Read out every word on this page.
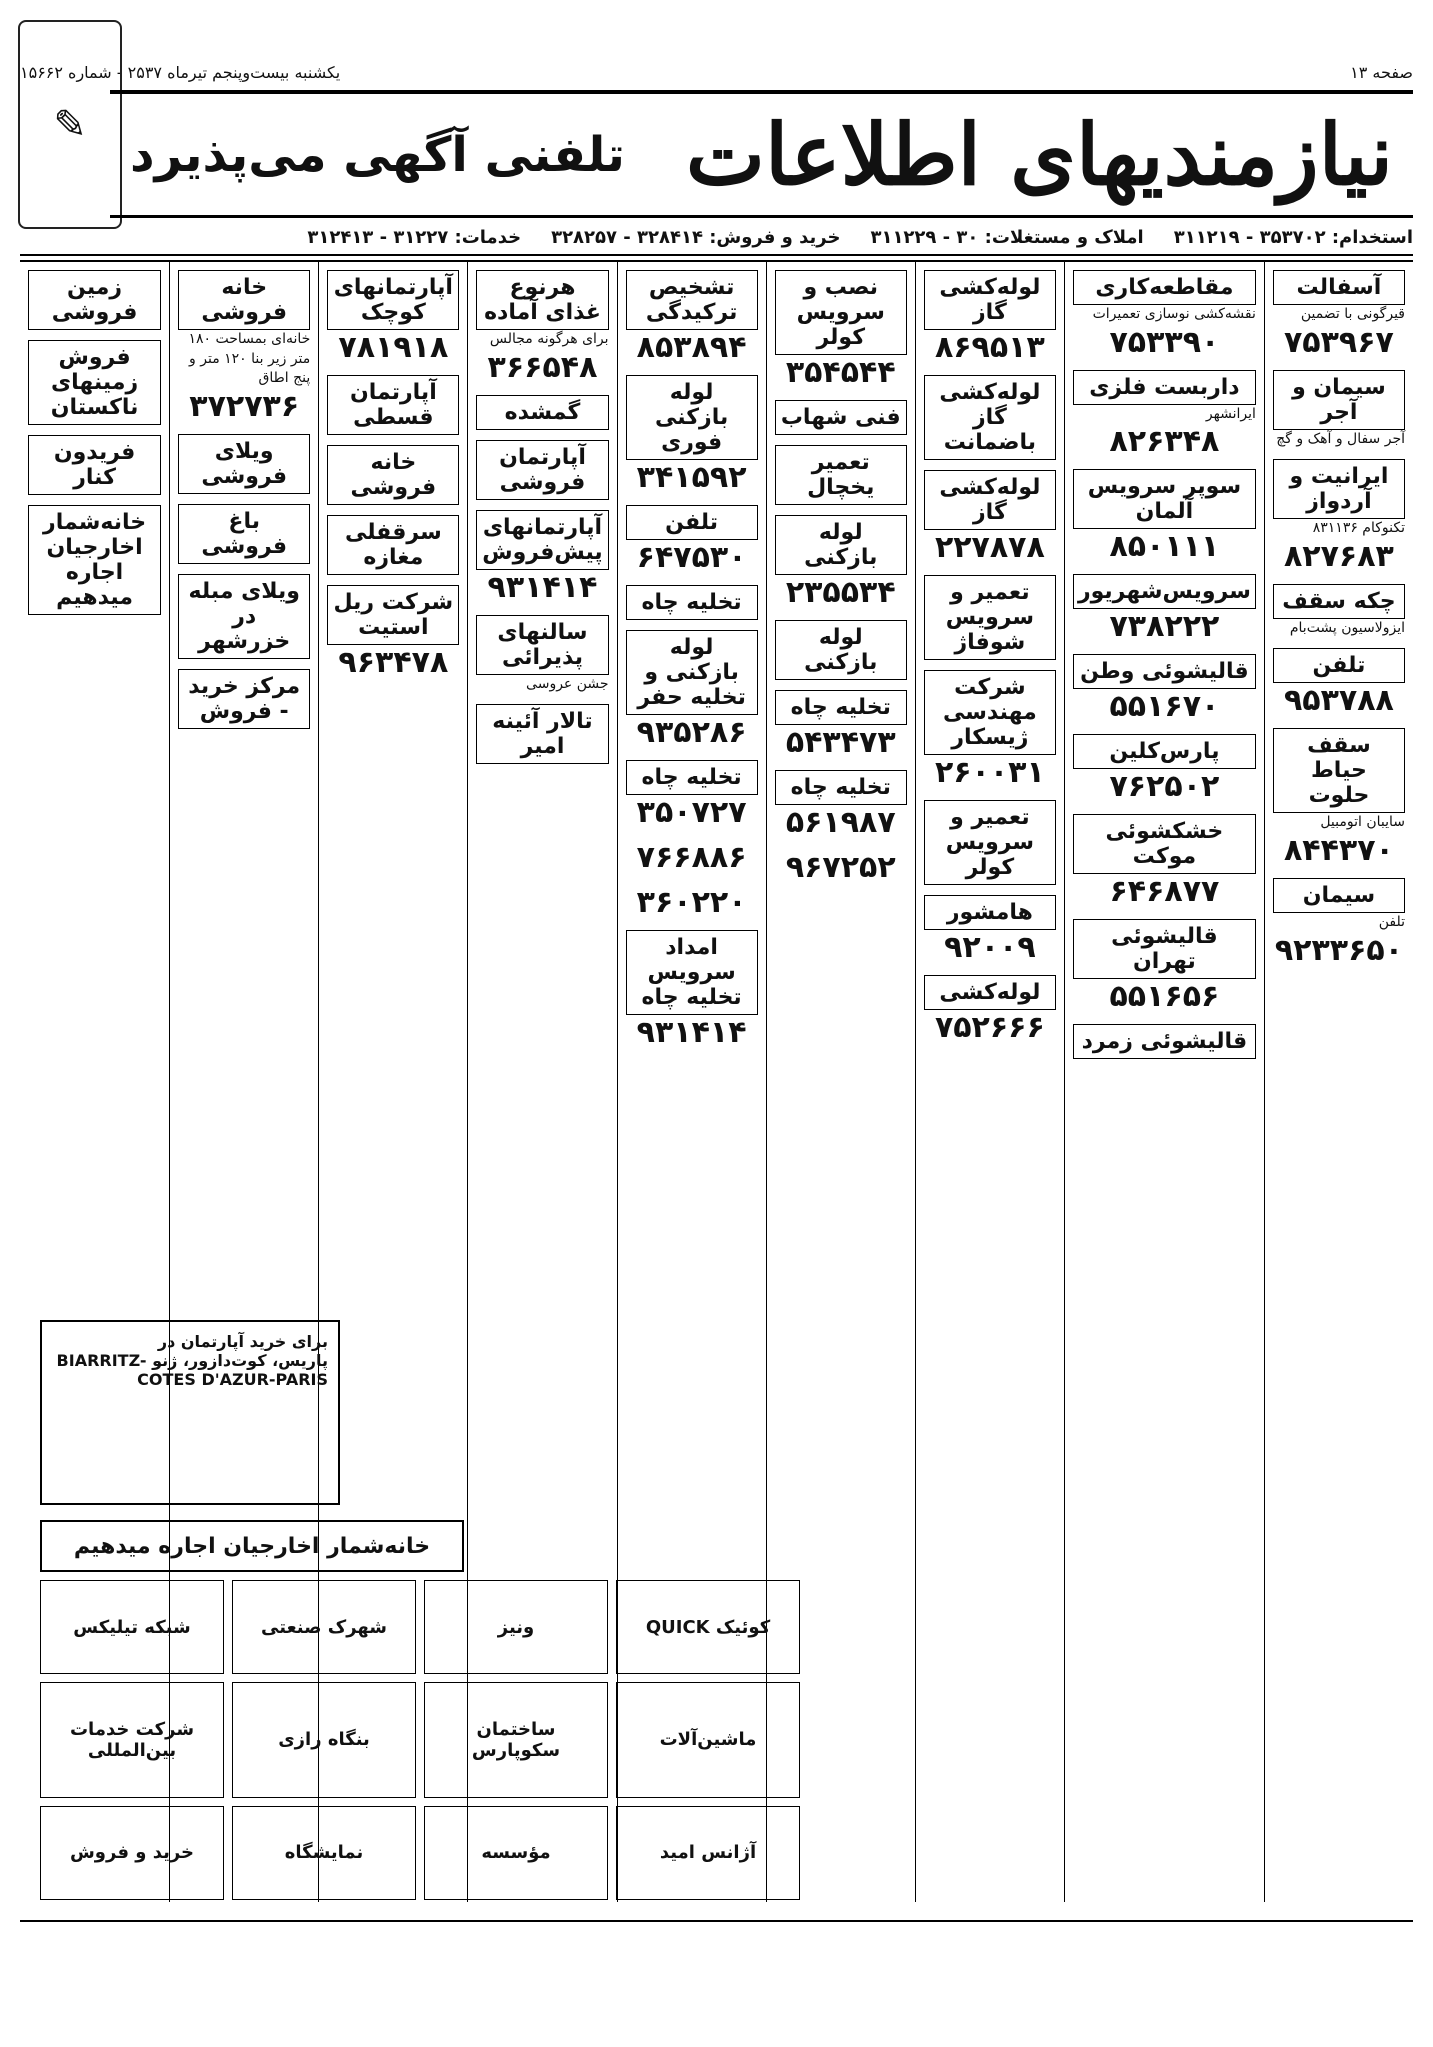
صفحه ۱۳
یکشنبه بیست‌وپنجم تیرماه ۲۵۳۷ - شماره ۱۵۶۶۲
✎	نیازمندیهای اطلاعات
تلفنی آگهی می‌پذیرد
استخدام: ۳۵۳۷۰۲ - ۳۱۱۲۱۹
املاک و مستغلات: ۳۰ - ۳۱۱۲۲۹
خرید و فروش: ۳۲۸۴۱۴ - ۳۲۸۲۵۷
خدمات: ۳۱۲۲۷ - ۳۱۲۴۱۳
آسفالت
قیرگونی با تضمین
۷۵۳۹۶۷
سیمان و آجر
آجر سفال و آهک و گچ
ایرانیت و آردواز
تکنوکام ۸۳۱۱۳۶
۸۲۷۶۸۳
چکه سقف
ایزولاسیون پشت‌بام
تلفن
۹۵۳۷۸۸
سقف حیاط حلوت
سایبان اتومبیل
۸۴۴۳۷۰
سیمان
تلفن
۹۲۳۳۶۵۰
مقاطعه‌کاری
نقشه‌کشی نوسازی تعمیرات
۷۵۳۳۹۰
داربست فلزی
ایرانشهر
۸۲۶۳۴۸
سوپر سرویس آلمان
۸۵۰۱۱۱
سرویس‌شهریور
۷۳۸۲۲۲
قالیشوئی وطن
۵۵۱۶۷۰
پارس‌کلین
۷۶۲۵۰۲
خشکشوئی موکت
۶۴۶۸۷۷
قالیشوئی تهران
۵۵۱۶۵۶
قالیشوئی زمرد
لوله‌کشی گاز
۸۶۹۵۱۳
لوله‌کشی گاز باضمانت
لوله‌کشی گاز
۲۲۷۸۷۸
تعمیر و سرویس شوفاژ
شرکت مهندسی ژیسکار
۲۶۰۰۳۱
تعمیر و سرویس کولر
هامشور
۹۲۰۰۹
لوله‌کشی
۷۵۲۶۶۶
نصب و سرویس کولر
۳۵۴۵۴۴
فنی شهاب
تعمیر یخچال
لوله بازکنی
۲۳۵۵۳۴
لوله بازکنی
تخلیه چاه
۵۴۳۴۷۳
تخلیه چاه
۵۶۱۹۸۷
۹۶۷۲۵۲
تشخیص ترکیدگی
۸۵۳۸۹۴
لوله بازکنی فوری
۳۴۱۵۹۲
تلفن
۶۴۷۵۳۰
تخلیه چاه
لوله بازکنی و تخلیه حفر
۹۳۵۲۸۶
تخلیه چاه
۳۵۰۷۲۷
۷۶۶۸۸۶
۳۶۰۲۲۰
امداد سرویس تخلیه چاه
۹۳۱۴۱۴
هرنوع غذای آماده
برای هرگونه مجالس
۳۶۶۵۴۸
گمشده
آپارتمان فروشی
آپارتمانهای پیش‌فروش
۹۳۱۴۱۴
سالنهای پذیرائی
جشن عروسی
تالار آئینه امیر
آپارتمانهای کوچک
۷۸۱۹۱۸
آپارتمان قسطی
خانه فروشی
سرقفلی مغازه
شرکت ریل استیت
۹۶۳۴۷۸
خانه فروشی
خانه‌ای بمساحت ۱۸۰ متر زیر بنا ۱۲۰ متر و پنج اطاق
۳۷۲۷۳۶
ویلای فروشی
باغ فروشی
ویلای مبله در خزرشهر
مرکز خرید - فروش
زمین فروشی
فروش زمینهای ناکستان
فریدون کنار
خانه‌شمار اخارجیان اجاره میدهیم
برای خرید آپارتمان در
پاریس، کوت‌دازور، ژنو BIARRITZ-COTES D'AZUR-PARIS
خانه‌شمار اخارجیان اجاره میدهیم
کوئیک QUICK
ونیز
شهرک صنعتی
شبکه تیلیکس
ماشین‌آلات
ساختمان سکوپارس
بنگاه رازی
شرکت خدمات بین‌المللی
آژانس امید
مؤسسه
نمایشگاه
خرید و فروش
